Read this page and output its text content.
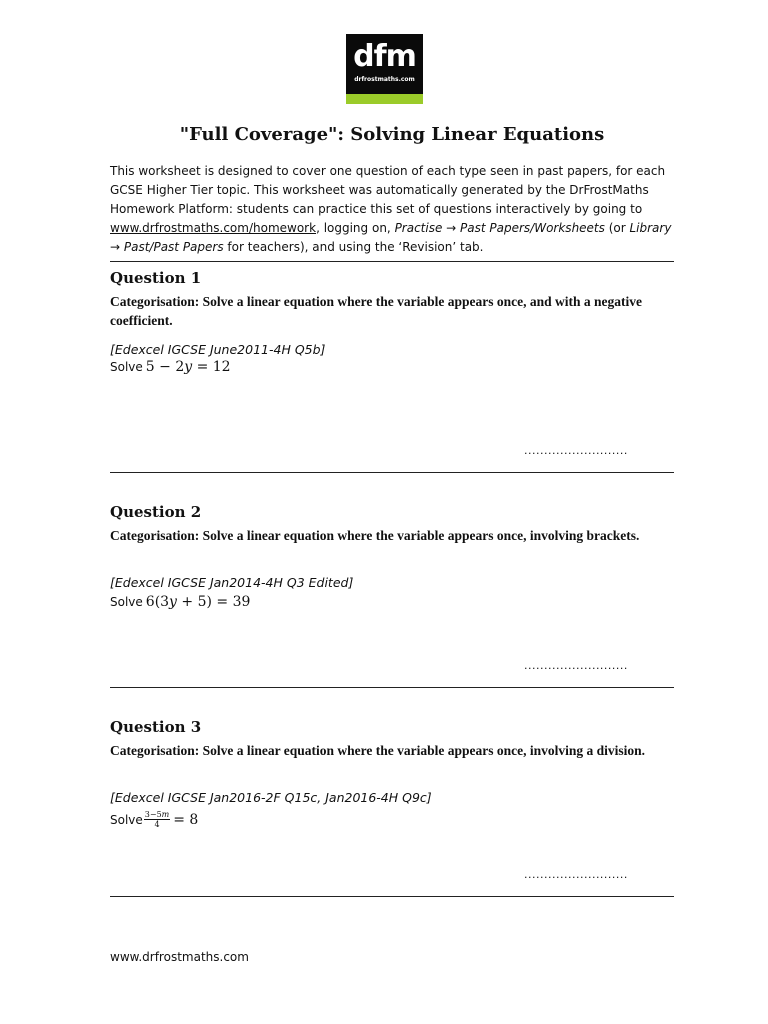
dfm
drfrostmaths.com
"Full Coverage": Solving Linear Equations
This worksheet is designed to cover one question of each type seen in past papers, for each
GCSE Higher Tier topic. This worksheet was automatically generated by the DrFrostMaths
Homework Platform: students can practice this set of questions interactively by going to
www.drfrostmaths.com/homework, logging on, Practise → Past Papers/Worksheets (or Library
→ Past/Past Papers for teachers), and using the ‘Revision’ tab.
Question 1
Categorisation: Solve a linear equation where the variable appears once, and with a negative coefficient.
[Edexcel IGCSE June2011-4H Q5b]
Solve 5 − 2𝑦 = 12
..........................
Question 2
Categorisation: Solve a linear equation where the variable appears once, involving brackets.
[Edexcel IGCSE Jan2014-4H Q3 Edited]
Solve 6(3𝑦 + 5) = 39
..........................
Question 3
Categorisation: Solve a linear equation where the variable appears once, involving a division.
[Edexcel IGCSE Jan2016-2F Q15c, Jan2016-4H Q9c]
Solve $\frac{\text{3−5𝑚}}{4} = 8$
..........................
www.drfrostmaths.com
